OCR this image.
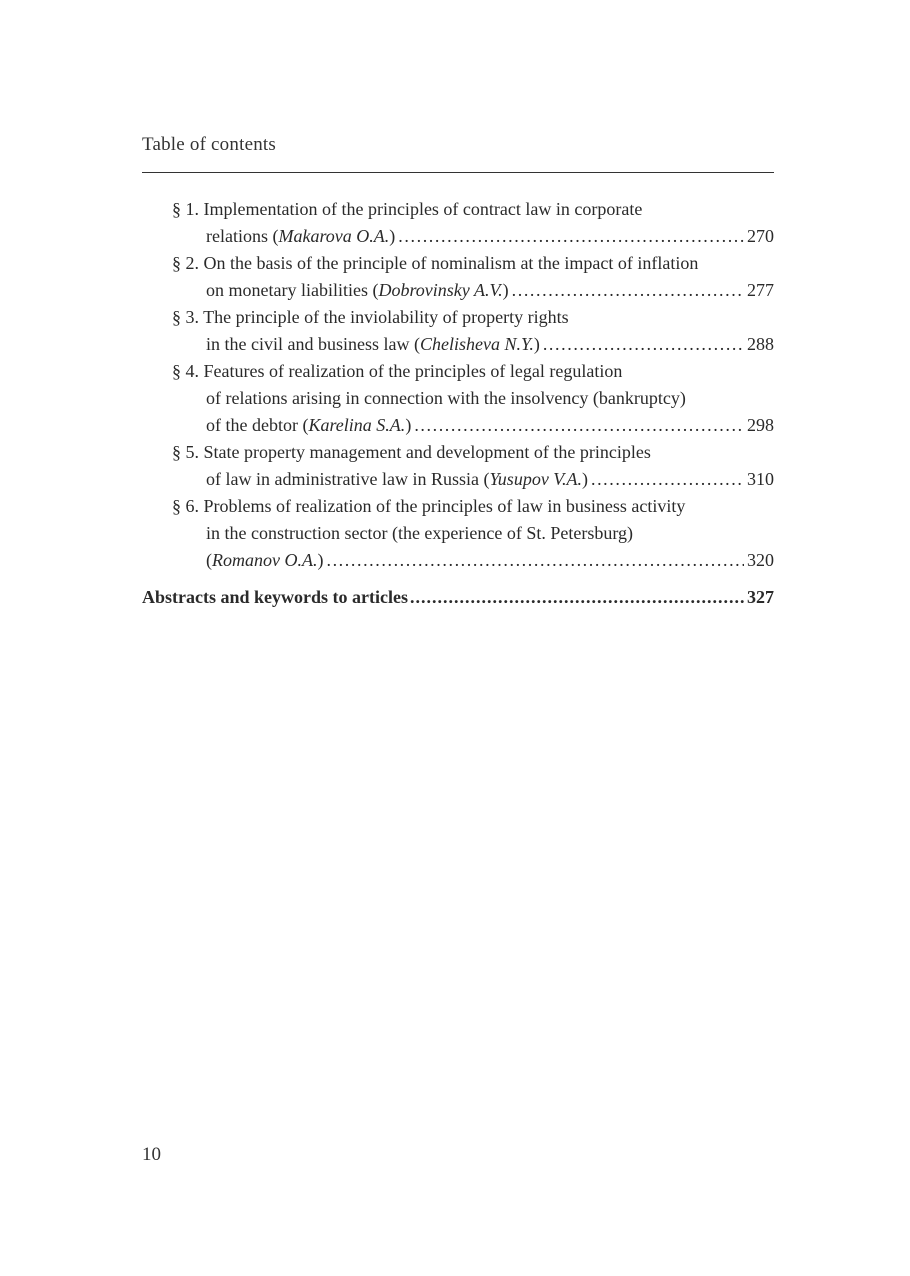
Table of contents
§ 1. Implementation of the principles of contract law in corporate
relations (Makarova O.A.) .....	270
§ 2. On the basis of the principle of nominalism at the impact of inflation
on monetary liabilities (Dobrovinsky A.V.) .....	277
§ 3. The principle of the inviolability of property rights
in the civil and business law (Chelisheva N.Y.) .....	288
§ 4. Features of realization of the principles of legal regulation
of relations arising in connection with the insolvency (bankruptcy)
of the debtor (Karelina S.A.) .....	298
§ 5. State property management and development of the principles
of law in administrative law in Russia (Yusupov V.A.) .....	310
§ 6. Problems of realization of the principles of law in business activity
in the construction sector (the experience of St. Petersburg)
(Romanov O.A.) .....	320
Abstracts and keywords to articles .....	327
10
